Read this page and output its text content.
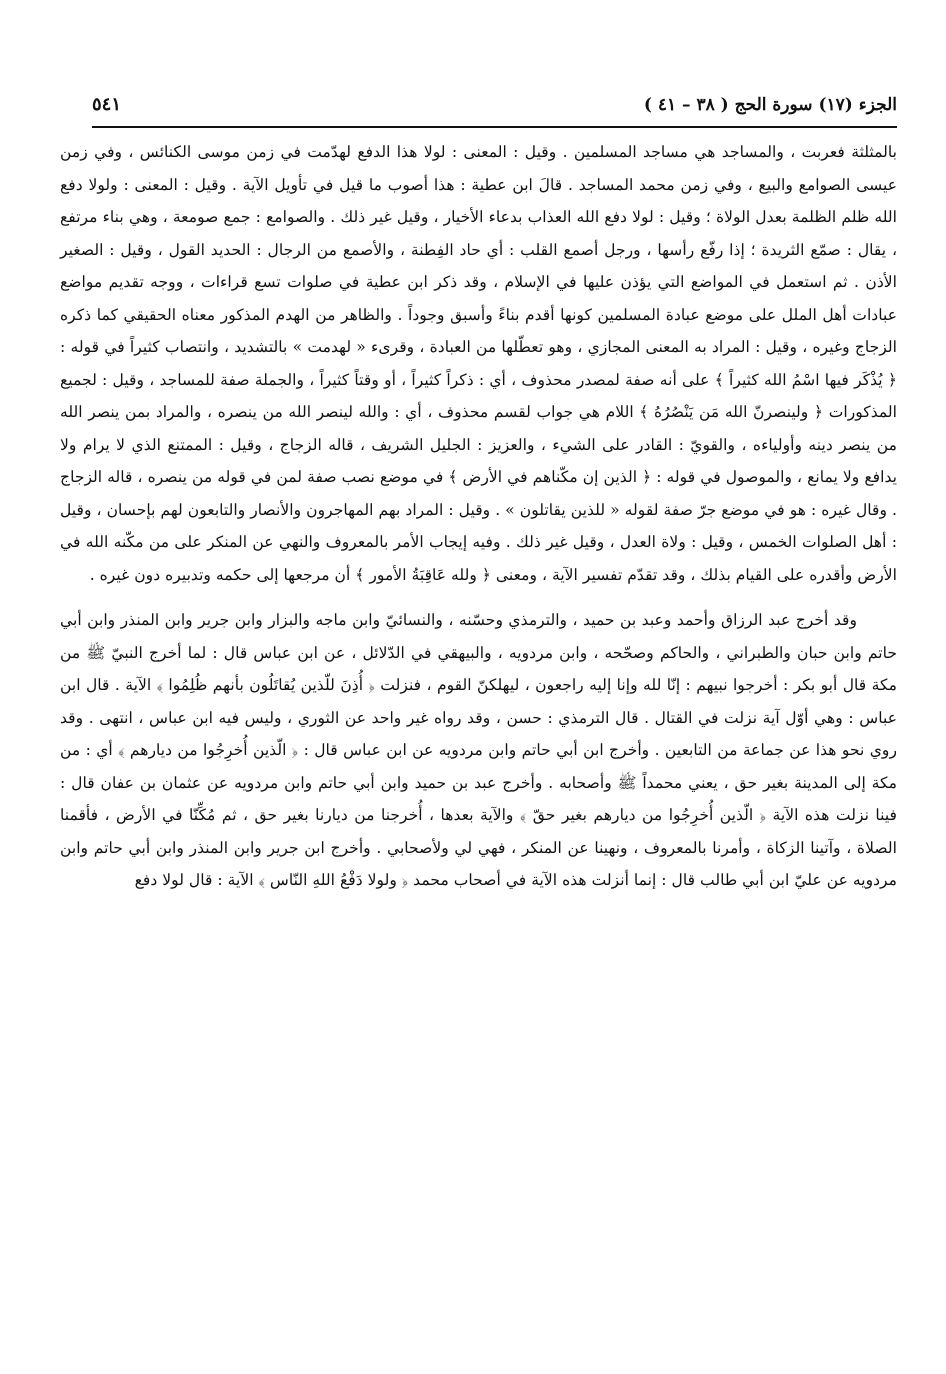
الجزء (١٧) سورة الحج ( ٣٨ – ٤١ )
٥٤١

بالمثلثة فعربت ، والمساجد هي مساجد المسلمين . وقيل : المعنى : لولا هذا الدفع لهدّمت في زمن موسى الكنائس ، وفي زمن عيسى الصوامع والبيع ، وفي زمن محمد المساجد . قالَ ابن عطية : هذا أصوب ما قيل في تأويل الآية . وقيل : المعنى : ولولا دفع الله ظلم الظلمة بعدل الولاة ؛ وقيل : لولا دفع الله العذاب بدعاء الأخيار ، وقيل غير ذلك . والصوامع : جمع صومعة ، وهي بناء مرتفع ، يقال : صمّع الثريدة ؛ إذا رفّع رأسها ، ورجل أصمع القلب : أي حاد الفِطنة ، والأصمع من الرجال : الحديد القول ، وقيل : الصغير الأذن . ثم استعمل في المواضع التي يؤذن عليها في الإسلام ، وقد ذكر ابن عطية في صلوات تسع قراءات ، ووجه تقديم مواضع عبادات أهل الملل على موضع عبادة المسلمين كونها أقدم بناءً وأسبق وجوداً . والظاهر من الهدم المذكور معناه الحقيقي كما ذكره الزجاج وغيره ، وقيل : المراد به المعنى المجازي ، وهو تعطّلها من العبادة ، وقرىء « لهدمت » بالتشديد ، وانتصاب كثيراً في قوله : ﴿ يُذْكَر فيها اسْمُ الله كثيراً ﴾ على أنه صفة لمصدر محذوف ، أي : ذكراً كثيراً ، أو وقتاً كثيراً ، والجملة صفة للمساجد ، وقيل : لجميع المذكورات ﴿ ولينصرنّ الله مَن يَنْصُرُهُ ﴾ اللام هي جواب لقسم محذوف ، أي : والله لينصر الله من ينصره ، والمراد بمن ينصر الله من ينصر دينه وأولياءه ، والقويّ : القادر على الشيء ، والعزيز : الجليل الشريف ، قاله الزجاج ، وقيل : الممتنع الذي لا يرام ولا يدافع ولا يمانع ، والموصول في قوله : ﴿ الذين إن مكّناهم في الأرض ﴾ في موضع نصب صفة لمن في قوله من ينصره ، قاله الزجاج . وقال غيره : هو في موضع جرّ صفة لقوله « للذين يقاتلون » . وقيل : المراد بهم المهاجرون والأنصار والتابعون لهم بإحسان ، وقيل : أهل الصلوات الخمس ، وقيل : ولاة العدل ، وقيل غير ذلك . وفيه إيجاب الأمر بالمعروف والنهي عن المنكر على من مكّنه الله في الأرض وأقدره على القيام بذلك ، وقد تقدّم تفسير الآية ، ومعنى ﴿ ولله عَاقِبَةُ الأمور ﴾ أن مرجعها إلى حكمه وتدبيره دون غيره .

وقد أخرج عبد الرزاق وأحمد وعبد بن حميد ، والترمذي وحسّنه ، والنسائيّ وابن ماجه والبزار وابن جرير وابن المنذر وابن أبي حاتم وابن حبان والطبراني ، والحاكم وصحّحه ، وابن مردويه ، والبيهقي في الدّلائل ، عن ابن عباس قال : لما أخرج النبيّ ﷺ من مكة قال أبو بكر : أخرجوا نبيهم : إنّا لله وإنا إليه راجعون ، ليهلكنّ القوم ، فنزلت ﴿ أُذِنَ للّذين يُقاتَلُون بأنهم ظُلِمُوا ﴾ الآية . قال ابن عباس : وهي أوّل آية نزلت في القتال . قال الترمذي : حسن ، وقد رواه غير واحد عن الثوري ، وليس فيه ابن عباس ، انتهى . وقد روي نحو هذا عن جماعة من التابعين . وأخرج ابن أبي حاتم وابن مردويه عن ابن عباس قال : ﴿ الّذين أُخرِجُوا من ديارهم ﴾ أي : من مكة إلى المدينة بغير حق ، يعني محمداً ﷺ وأصحابه . وأخرج عبد بن حميد وابن أبي حاتم وابن مردويه عن عثمان بن عفان قال : فينا نزلت هذه الآية ﴿ الّذين أُخرِجُوا من ديارهم بغير حقّ ﴾ والآية بعدها ، أُخرجنا من ديارنا بغير حق ، ثم مُكِّنّا في الأرض ، فأقمنا الصلاة ، وآتينا الزكاة ، وأمرنا بالمعروف ، ونهينا عن المنكر ، فهي لي ولأصحابي . وأخرج ابن جرير وابن المنذر وابن أبي حاتم وابن مردويه عن عليّ ابن أبي طالب قال : إنما أنزلت هذه الآية في أصحاب محمد ﴿ ولولا دَفْعُ اللهِ النّاس ﴾ الآية : قال لولا دفع
